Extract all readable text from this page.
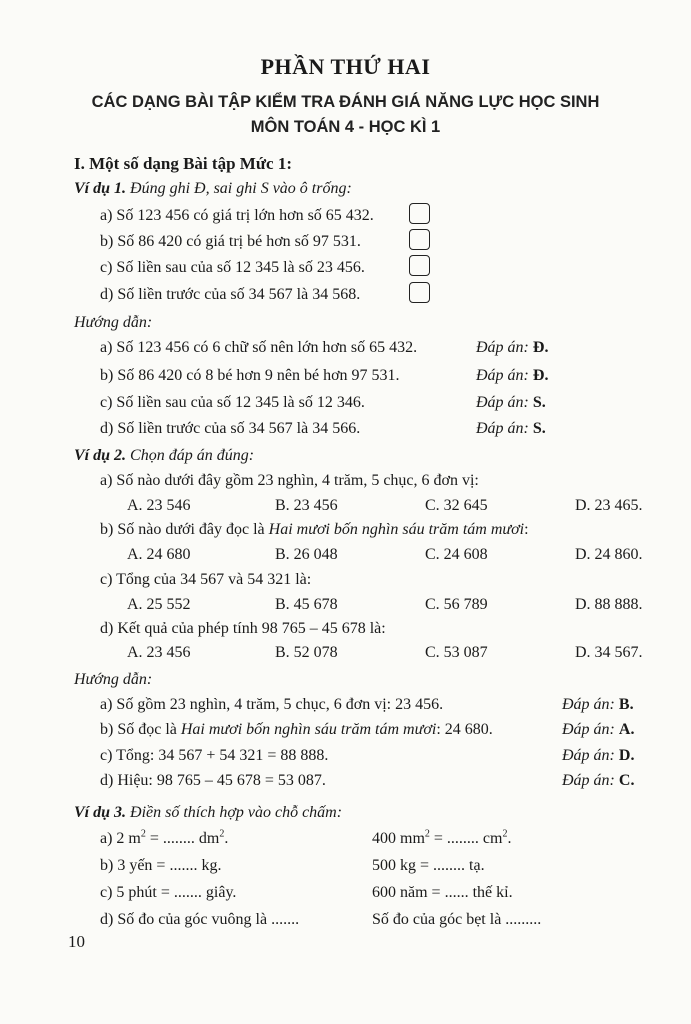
PHẦN THỨ HAI
CÁC DẠNG BÀI TẬP KIỂM TRA ĐÁNH GIÁ NĂNG LỰC HỌC SINH
MÔN TOÁN 4 - HỌC KÌ 1
I. Một số dạng Bài tập Mức 1:
Ví dụ 1. Đúng ghi Đ, sai ghi S vào ô trống:
a) Số 123 456 có giá trị lớn hơn số 65 432.
b) Số 86 420 có giá trị bé hơn số 97 531.
c) Số liền sau của số 12 345 là số 23 456.
d) Số liền trước của số 34 567 là 34 568.
Hướng dẫn:
a) Số 123 456 có 6 chữ số nên lớn hơn số 65 432.	Đáp án: Đ.
b) Số 86 420 có 8 bé hơn 9 nên bé hơn 97 531.	Đáp án: Đ.
c) Số liền sau của số 12 345 là số 12 346.	Đáp án: S.
d) Số liền trước của số 34 567 là 34 566.	Đáp án: S.
Ví dụ 2. Chọn đáp án đúng:
a) Số nào dưới đây gồm 23 nghìn, 4 trăm, 5 chục, 6 đơn vị:
A. 23 546	B. 23 456	C. 32 645	D. 23 465.
b) Số nào dưới đây đọc là Hai mươi bốn nghìn sáu trăm tám mươi:
A. 24 680	B. 26 048	C. 24 608	D. 24 860.
c) Tổng của 34 567 và 54 321 là:
A. 25 552	B. 45 678	C. 56 789	D. 88 888.
d) Kết quả của phép tính 98 765 – 45 678 là:
A. 23 456	B. 52 078	C. 53 087	D. 34 567.
Hướng dẫn:
a) Số gồm 23 nghìn, 4 trăm, 5 chục, 6 đơn vị: 23 456.	Đáp án: B.
b) Số đọc là Hai mươi bốn nghìn sáu trăm tám mươi: 24 680.	Đáp án: A.
c) Tổng: 34 567 + 54 321 = 88 888.	Đáp án: D.
d) Hiệu: 98 765 – 45 678 = 53 087.	Đáp án: C.
Ví dụ 3. Điền số thích hợp vào chỗ chấm:
a) 2 $m^2$ = ........ $dm^2$.	400 $mm^2$ = ........ $cm^2$.
b) 3 yến = ....... kg.	500 kg = ........ tạ.
c) 5 phút = ....... giây.	600 năm = ...... thế kỉ.
d) Số đo của góc vuông là .......	Số đo của góc bẹt là .........
10
